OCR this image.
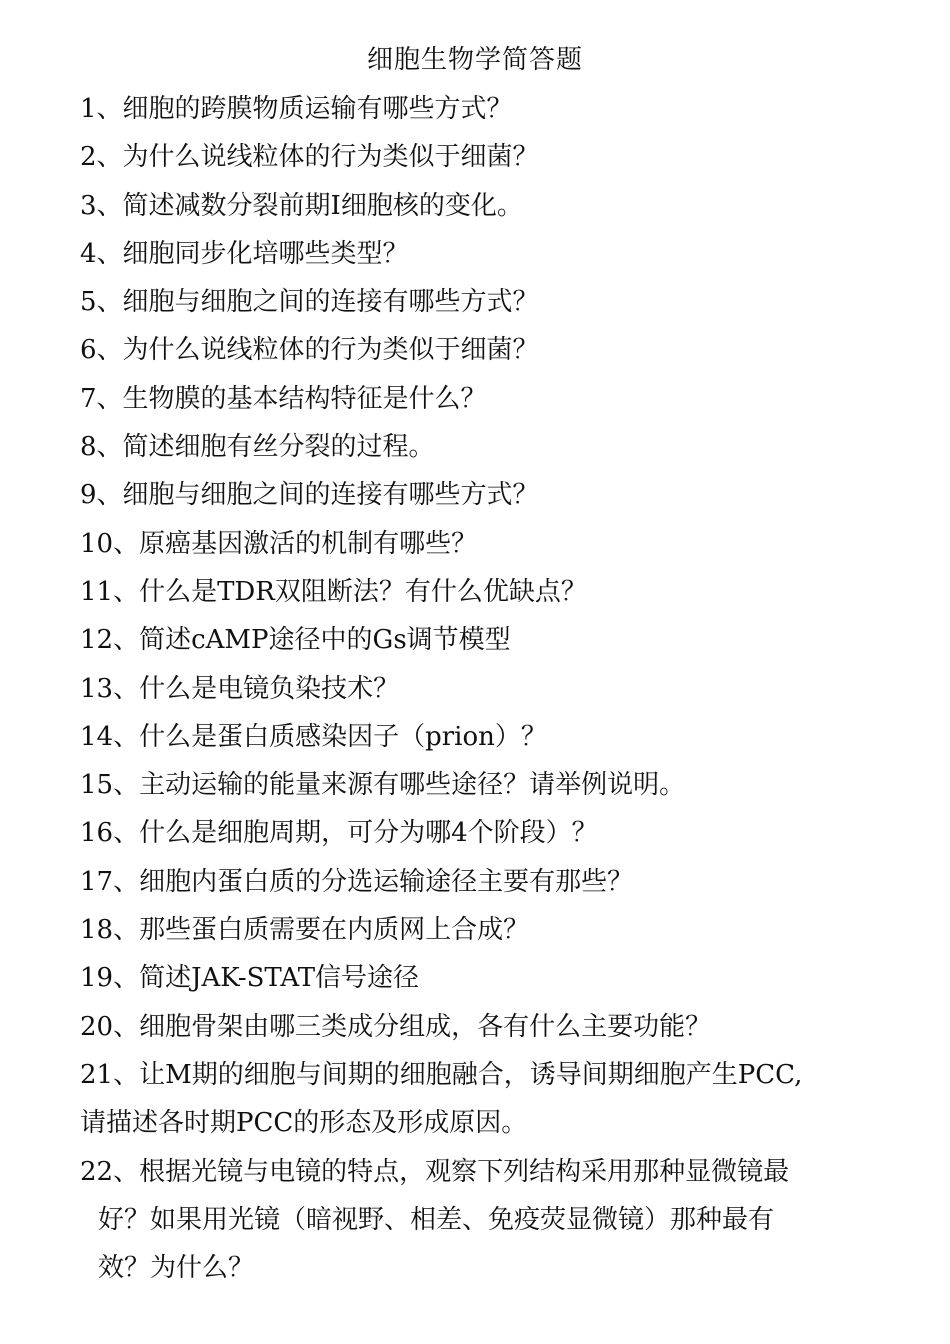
细胞生物学简答题
1、细胞的跨膜物质运输有哪些方式？
2、为什么说线粒体的行为类似于细菌？
3、简述减数分裂前期Ⅰ细胞核的变化。
4、细胞同步化培哪些类型？
5、细胞与细胞之间的连接有哪些方式？
6、为什么说线粒体的行为类似于细菌？
7、生物膜的基本结构特征是什么？
8、简述细胞有丝分裂的过程。
9、细胞与细胞之间的连接有哪些方式？
10、原癌基因激活的机制有哪些？
11、什么是TDR双阻断法？有什么优缺点？
12、简述cAMP途径中的Gs调节模型
13、什么是电镜负染技术？
14、什么是蛋白质感染因子（prion）？
15、主动运输的能量来源有哪些途径？请举例说明。
16、什么是细胞周期，可分为哪4个阶段）？
17、细胞内蛋白质的分选运输途径主要有那些？
18、那些蛋白质需要在内质网上合成？
19、简述JAK-STAT信号途径
20、细胞骨架由哪三类成分组成，各有什么主要功能？
21、让M期的细胞与间期的细胞融合，诱导间期细胞产生PCC,
请描述各时期PCC的形态及形成原因。
22、根据光镜与电镜的特点，观察下列结构采用那种显微镜最
好？如果用光镜（暗视野、相差、免疫荧显微镜）那种最有
效？为什么？
